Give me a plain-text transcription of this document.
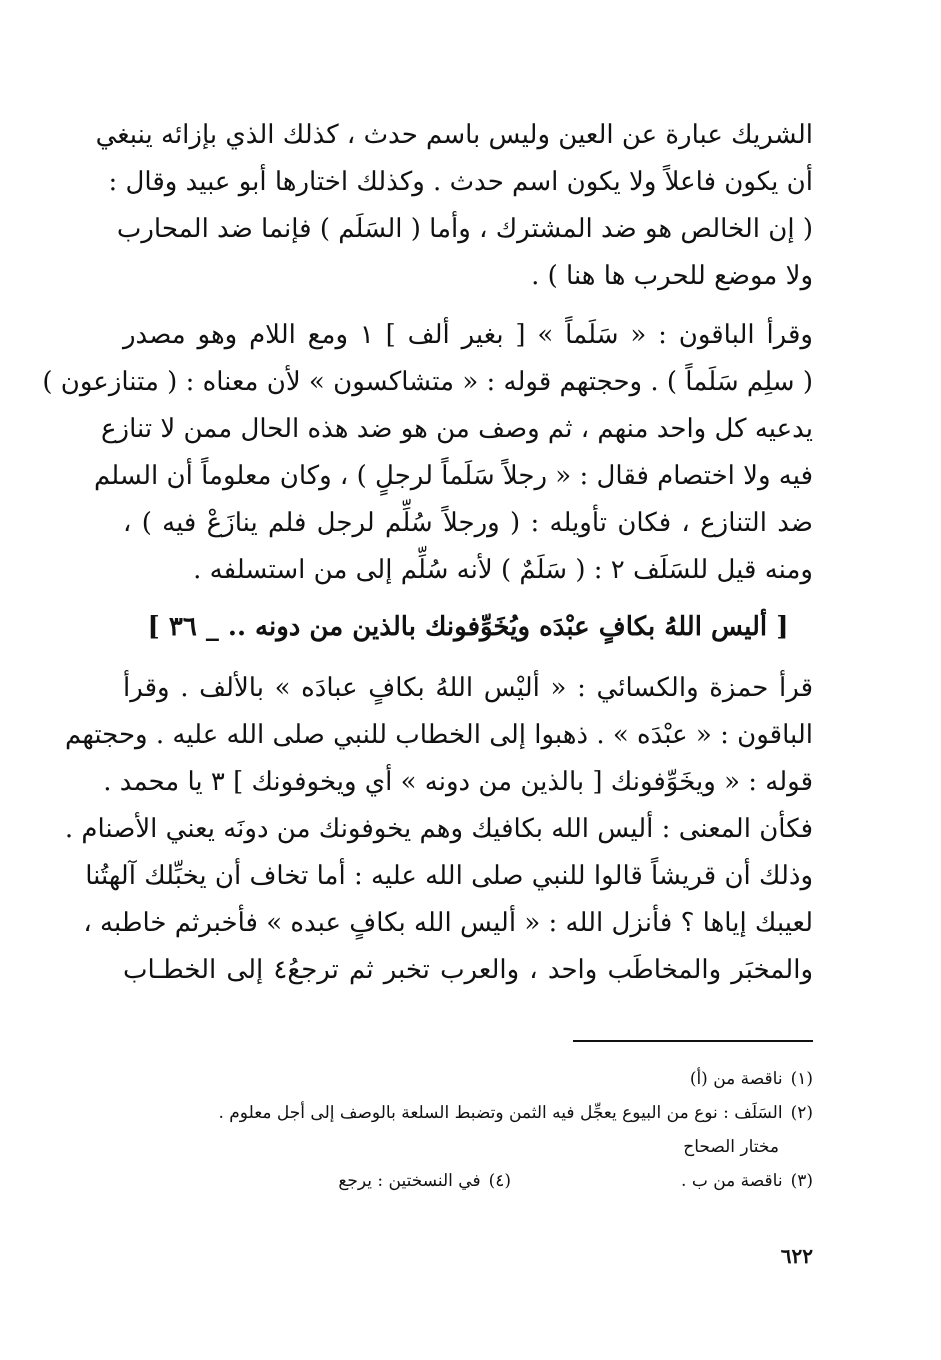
الشريك عبارة عن العين وليس باسم حدث ، كذلك الذي بإزائه ينبغي
أن يكون فاعلاً ولا يكون اسم حدث . وكذلك اختارها أبو عبيد وقال :
( إن الخالص هو ضد المشترك ، وأما ( السَلَم ) فإنما ضد المحارب
ولا موضع للحرب ها هنا ) .

وقرأ الباقون : « سَلَماً » [ بغير ألف ] ١ ومع اللام وهو مصدر
( سلِم سَلَماً ) . وحجتهم قوله : « متشاكسون » لأن معناه : ( متنازعون )
يدعيه كل واحد منهم ، ثم وصف من هو ضد هذه الحال ممن لا تنازع
فيه ولا اختصام فقال : « رجلاً سَلَماً لرجلٍ ) ، وكان معلوماً أن السلم
ضد التنازع ، فكان تأويله : ( ورجلاً سُلِّم لرجل فلم ينازَعْ فيه ) ،
ومنه قيل للسَلَف ٢ : ( سَلَمٌ ) لأنه سُلِّم إلى من استسلفه .

[ أليس اللهُ بكافٍ عبْدَه ويُخَوِّفونك بالذين من دونه .. _ ٣٦ ]

قرأ حمزة والكسائي : « أليْس اللهُ بكافٍ عبادَه » بالألف . وقرأ
الباقون : « عبْدَه » . ذهبوا إلى الخطاب للنبي صلى الله عليه . وحجتهم
قوله : « ويخَوِّفونك [ بالذين من دونه » أي ويخوفونك ] ٣ يا محمد .
فكأن المعنى : أليس الله بكافيك وهم يخوفونك من دونَه يعني الأصنام .
وذلك أن قريشاً قالوا للنبي صلى الله عليه : أما تخاف أن يخبِّلك آلهتُنا
لعيبك إياها ؟ فأنزل الله : « أليس الله بكافٍ عبده » فأخبرثم خاطبه ،
والمخبَر والمخاطَب واحد ، والعرب تخبر ثم ترجعُ٤ إلى الخطـاب

(١)ناقصة من (أ)
(٢)السَلَف : نوع من البيوع يعجِّل فيه الثمن وتضبط السلعة بالوصف إلى أجل معلوم .
مختار الصحاح
(٣)ناقصة من ب .
(٤)في النسختين : يرجع
٦٢٢
